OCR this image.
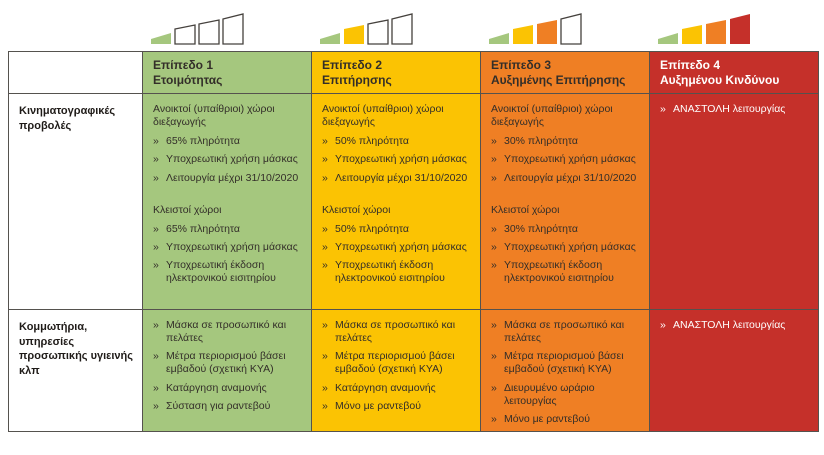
Επίπεδο 1
Ετοιμότητας
Επίπεδο 2
Επιτήρησης
Επίπεδο 3
Αυξημένης Επιτήρησης
Επίπεδο 4
Αυξημένου Κινδύνου
Κινηματογραφικές προβολές
Ανοικτοί (υπαίθριοι) χώροι διεξαγωγής
» 65% πληρότητα
» Υποχρεωτική χρήση μάσκας
» Λειτουργία μέχρι 31/10/2020
Κλειστοί χώροι
» 65% πληρότητα
» Υποχρεωτική χρήση μάσκας
» Υποχρεωτική έκδοση ηλεκτρονικού εισιτηρίου
Ανοικτοί (υπαίθριοι) χώροι διεξαγωγής
» 50% πληρότητα
» Υποχρεωτική χρήση μάσκας
» Λειτουργία μέχρι 31/10/2020
Κλειστοί χώροι
» 50% πληρότητα
» Υποχρεωτική χρήση μάσκας
» Υποχρεωτική έκδοση ηλεκτρονικού εισιτηρίου
Ανοικτοί (υπαίθριοι) χώροι διεξαγωγής
» 30% πληρότητα
» Υποχρεωτική χρήση μάσκας
» Λειτουργία μέχρι 31/10/2020
Κλειστοί χώροι
» 30% πληρότητα
» Υποχρεωτική χρήση μάσκας
» Υποχρεωτική έκδοση ηλεκτρονικού εισιτηρίου
» ΑΝΑΣΤΟΛΗ λειτουργίας
Κομμωτήρια, υπηρεσίες προσωπικής υγιεινής κλπ
» Μάσκα σε προσωπικό και πελάτες
» Μέτρα περιορισμού βάσει εμβαδού (σχετική ΚΥΑ)
» Κατάργηση αναμονής
» Σύσταση για ραντεβού
» Μάσκα σε προσωπικό και πελάτες
» Μέτρα περιορισμού βάσει εμβαδού (σχετική ΚΥΑ)
» Κατάργηση αναμονής
» Μόνο με ραντεβού
» Μάσκα σε προσωπικό και πελάτες
» Μέτρα περιορισμού βάσει εμβαδού (σχετική ΚΥΑ)
» Διευρυμένο ωράριο λειτουργίας
» Μόνο με ραντεβού
» ΑΝΑΣΤΟΛΗ λειτουργίας
